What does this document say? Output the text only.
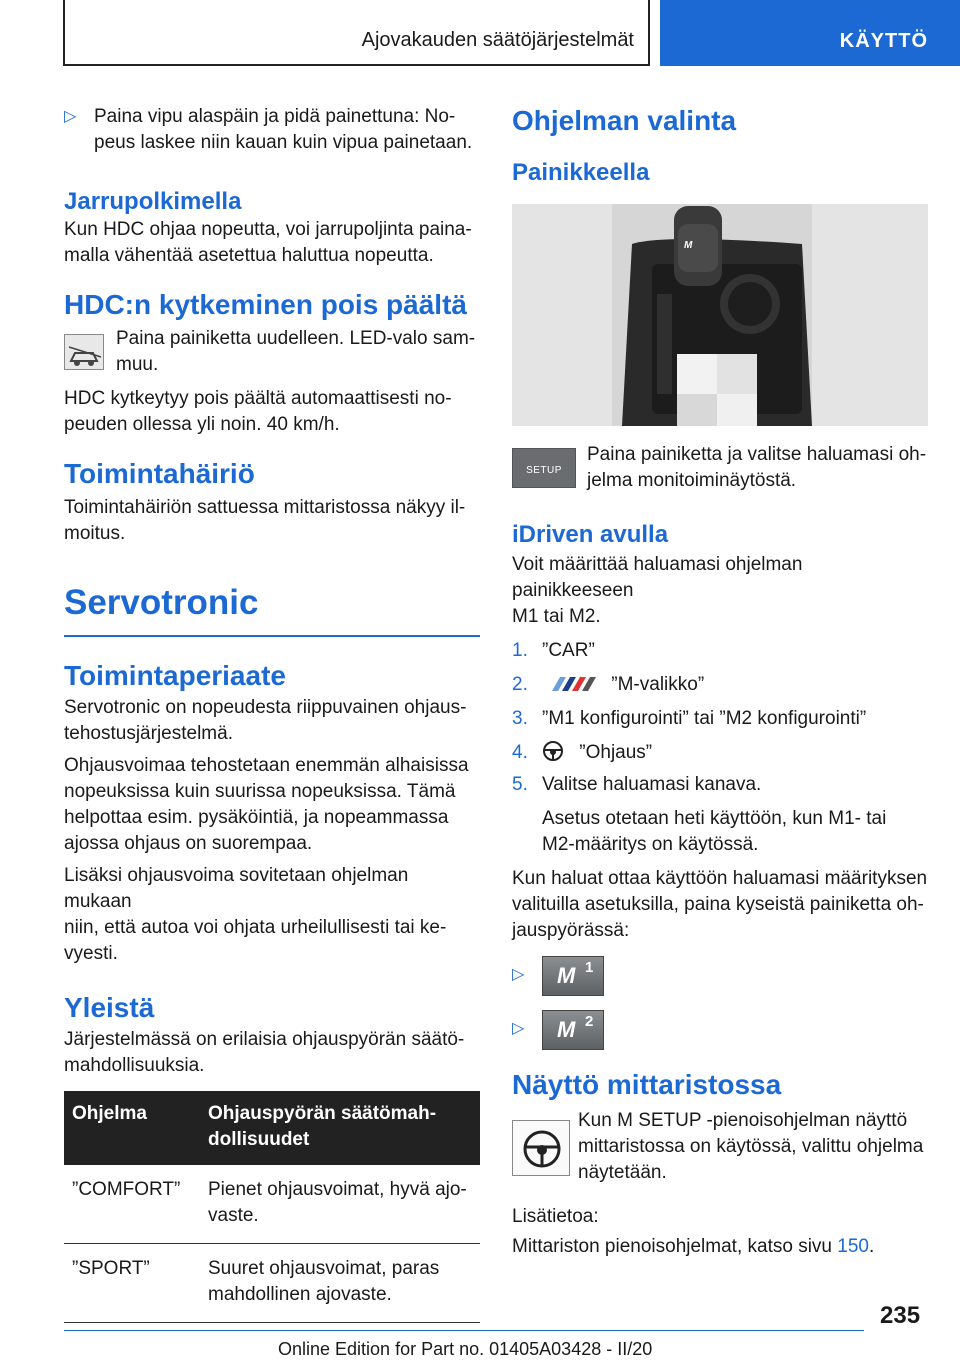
Ajovakauden säätöjärjestelmät	KÄYTTÖ
▷ Paina vipu alaspäin ja pidä painettuna: No-

peus laskee niin kauan kuin vipua painetaan.

Jarrupolkimella

Kun HDC ohjaa nopeutta, voi jarrupoljinta paina-

malla vähentää asetettua haluttua nopeutta.

HDC:n kytkeminen pois päältä

Paina painiketta uudelleen. LED-valo sam-

muu.

HDC kytkeytyy pois päältä automaattisesti no-

peuden ollessa yli noin. 40 km/h.

Toimintahäiriö

Toimintahäiriön sattuessa mittaristossa näkyy il-

moitus.

Servotronic
Toimintaperiaate

Servotronic on nopeudesta riippuvainen ohjaus-

tehostusjärjestelmä.

Ohjausvoimaa tehostetaan enemmän alhaisissa

nopeuksissa kuin suurissa nopeuksissa. Tämä

helpottaa esim. pysäköintiä, ja nopeammassa

ajossa ohjaus on suorempaa.

Lisäksi ohjausvoima sovitetaan ohjelman mukaan

niin, että autoa voi ohjata urheilullisesti tai ke-

vyesti.

Yleistä

Järjestelmässä on erilaisia ohjauspyörän säätö-

mahdollisuuksia.

Ohjelma	Ohjauspyörän säätömah-
dollisuudet

”COMFORT”	Pienet ohjausvoimat, hyvä ajo-
vaste.

”SPORT”	Suuret ohjausvoimat, paras
mahdollinen ajovaste.
Ohjelman valinta
Painikkeella
M
SETUP

Paina painiketta ja valitse haluamasi oh-

jelma monitoiminäytöstä.

iDriven avulla

Voit määrittää haluamasi ohjelman painikkeeseen

M1 tai M2.

1. ”CAR”
2.	”M-valikko”
3. ”M1 konfigurointi” tai ”M2 konfigurointi”
4.	”Ohjaus”
5. Valitse haluamasi kanava.

Asetus otetaan heti käyttöön, kun M1- tai

M2-määritys on käytössä.

Kun haluat ottaa käyttöön haluamasi määrityksen

valituilla asetuksilla, paina kyseistä painiketta oh-

jauspyörässä:

▷ M 1
▷ M 2
Näyttö mittaristossa

Kun M SETUP -pienoisohjelman näyttö

mittaristossa on käytössä, valittu ohjelma

näytetään.

Lisätietoa:

Mittariston pienoisohjelmat, katso sivu 150.

235
Online Edition for Part no. 01405A03428 - II/20
